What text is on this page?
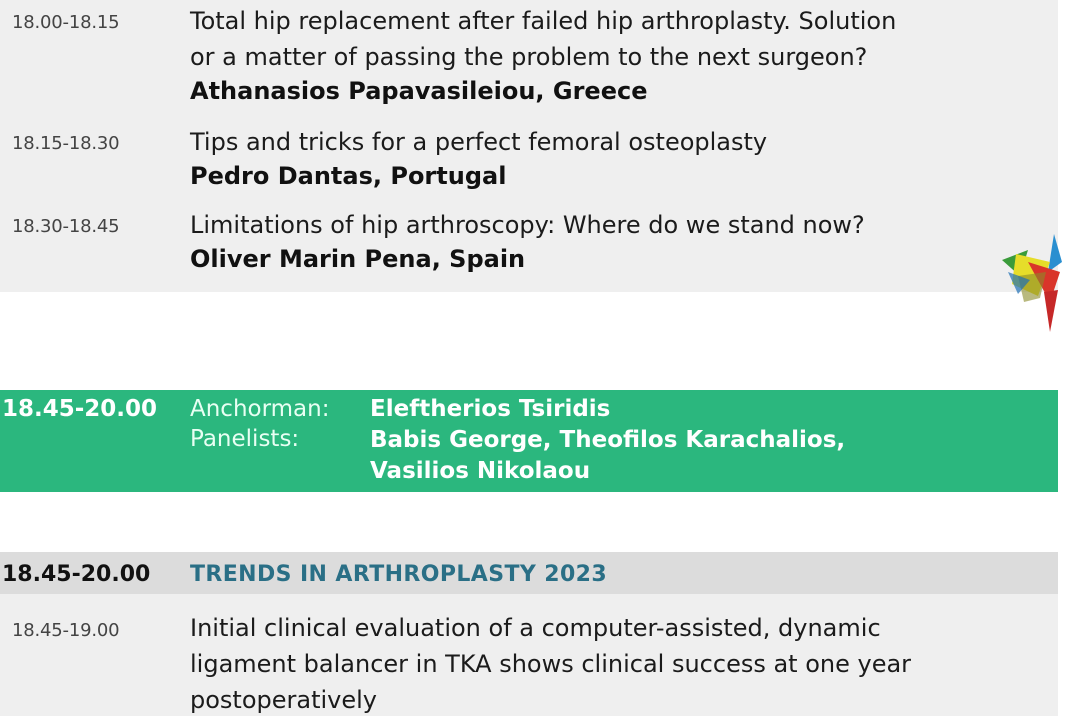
18.00-18.15	Total hip replacement after failed hip arthroplasty. Solution
or a matter of passing the problem to the next surgeon?
Athanasios Papavasileiou, Greece
18.15-18.30	Tips and tricks for a perfect femoral osteoplasty
Pedro Dantas, Portugal
18.30-18.45	Limitations of hip arthroscopy: Where do we stand now?
Oliver Marin Pena, Spain
18.45-20.00 Anchorman: Eleftherios Tsiridis
Panelists:	Babis George, Theofilos Karachalios,
Vasilios Nikolaou
18.45-20.00 TRENDS IN ARTHROPLASTY 2023
18.45-19.00	Initial clinical evaluation of a computer-assisted, dynamic
ligament balancer in TKA shows clinical success at one year
postoperatively
